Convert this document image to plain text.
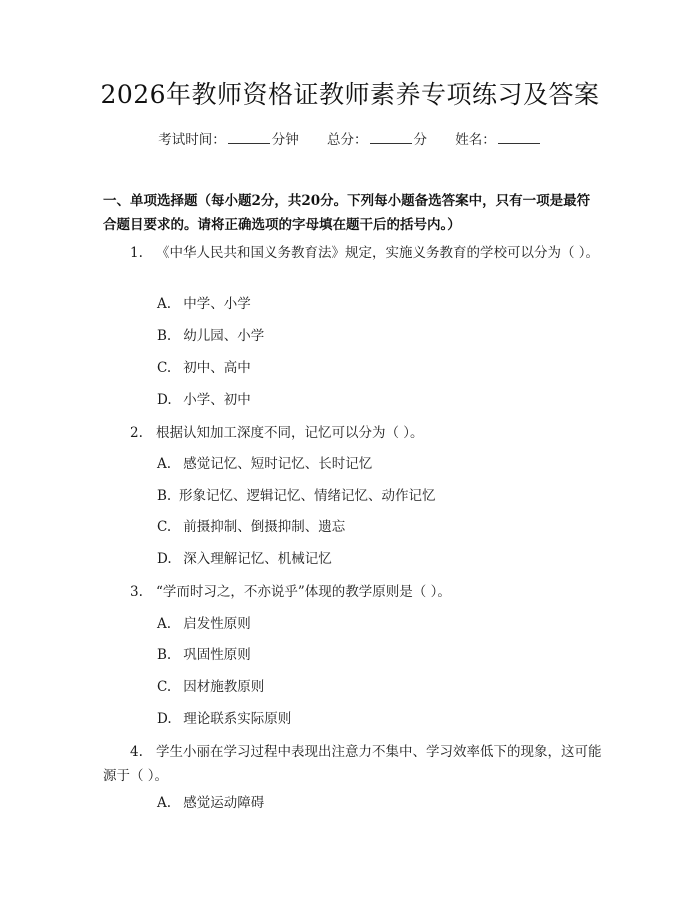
2026年教师资格证教师素养专项练习及答案
考试时间：	分钟 总分：	分 姓名：
一、单项选择题（每小题2分，共20分。下列每小题备选答案中，只有一项是最符合题目要求的。请将正确选项的字母填在题干后的括号内。）
1. 《中华人民共和国义务教育法》规定，实施义务教育的学校可以分为（ ）。
A. 中学、小学
B. 幼儿园、小学
C. 初中、高中
D. 小学、初中
2. 根据认知加工深度不同，记忆可以分为（ ）。
A. 感觉记忆、短时记忆、长时记忆
B. 形象记忆、逻辑记忆、情绪记忆、动作记忆
C. 前摄抑制、倒摄抑制、遗忘
D. 深入理解记忆、机械记忆
3. “学而时习之，不亦说乎”体现的教学原则是（ ）。
A. 启发性原则
B. 巩固性原则
C. 因材施教原则
D. 理论联系实际原则
4. 学生小丽在学习过程中表现出注意力不集中、学习效率低下的现象，这可能源于（ ）。
A. 感觉运动障碍
